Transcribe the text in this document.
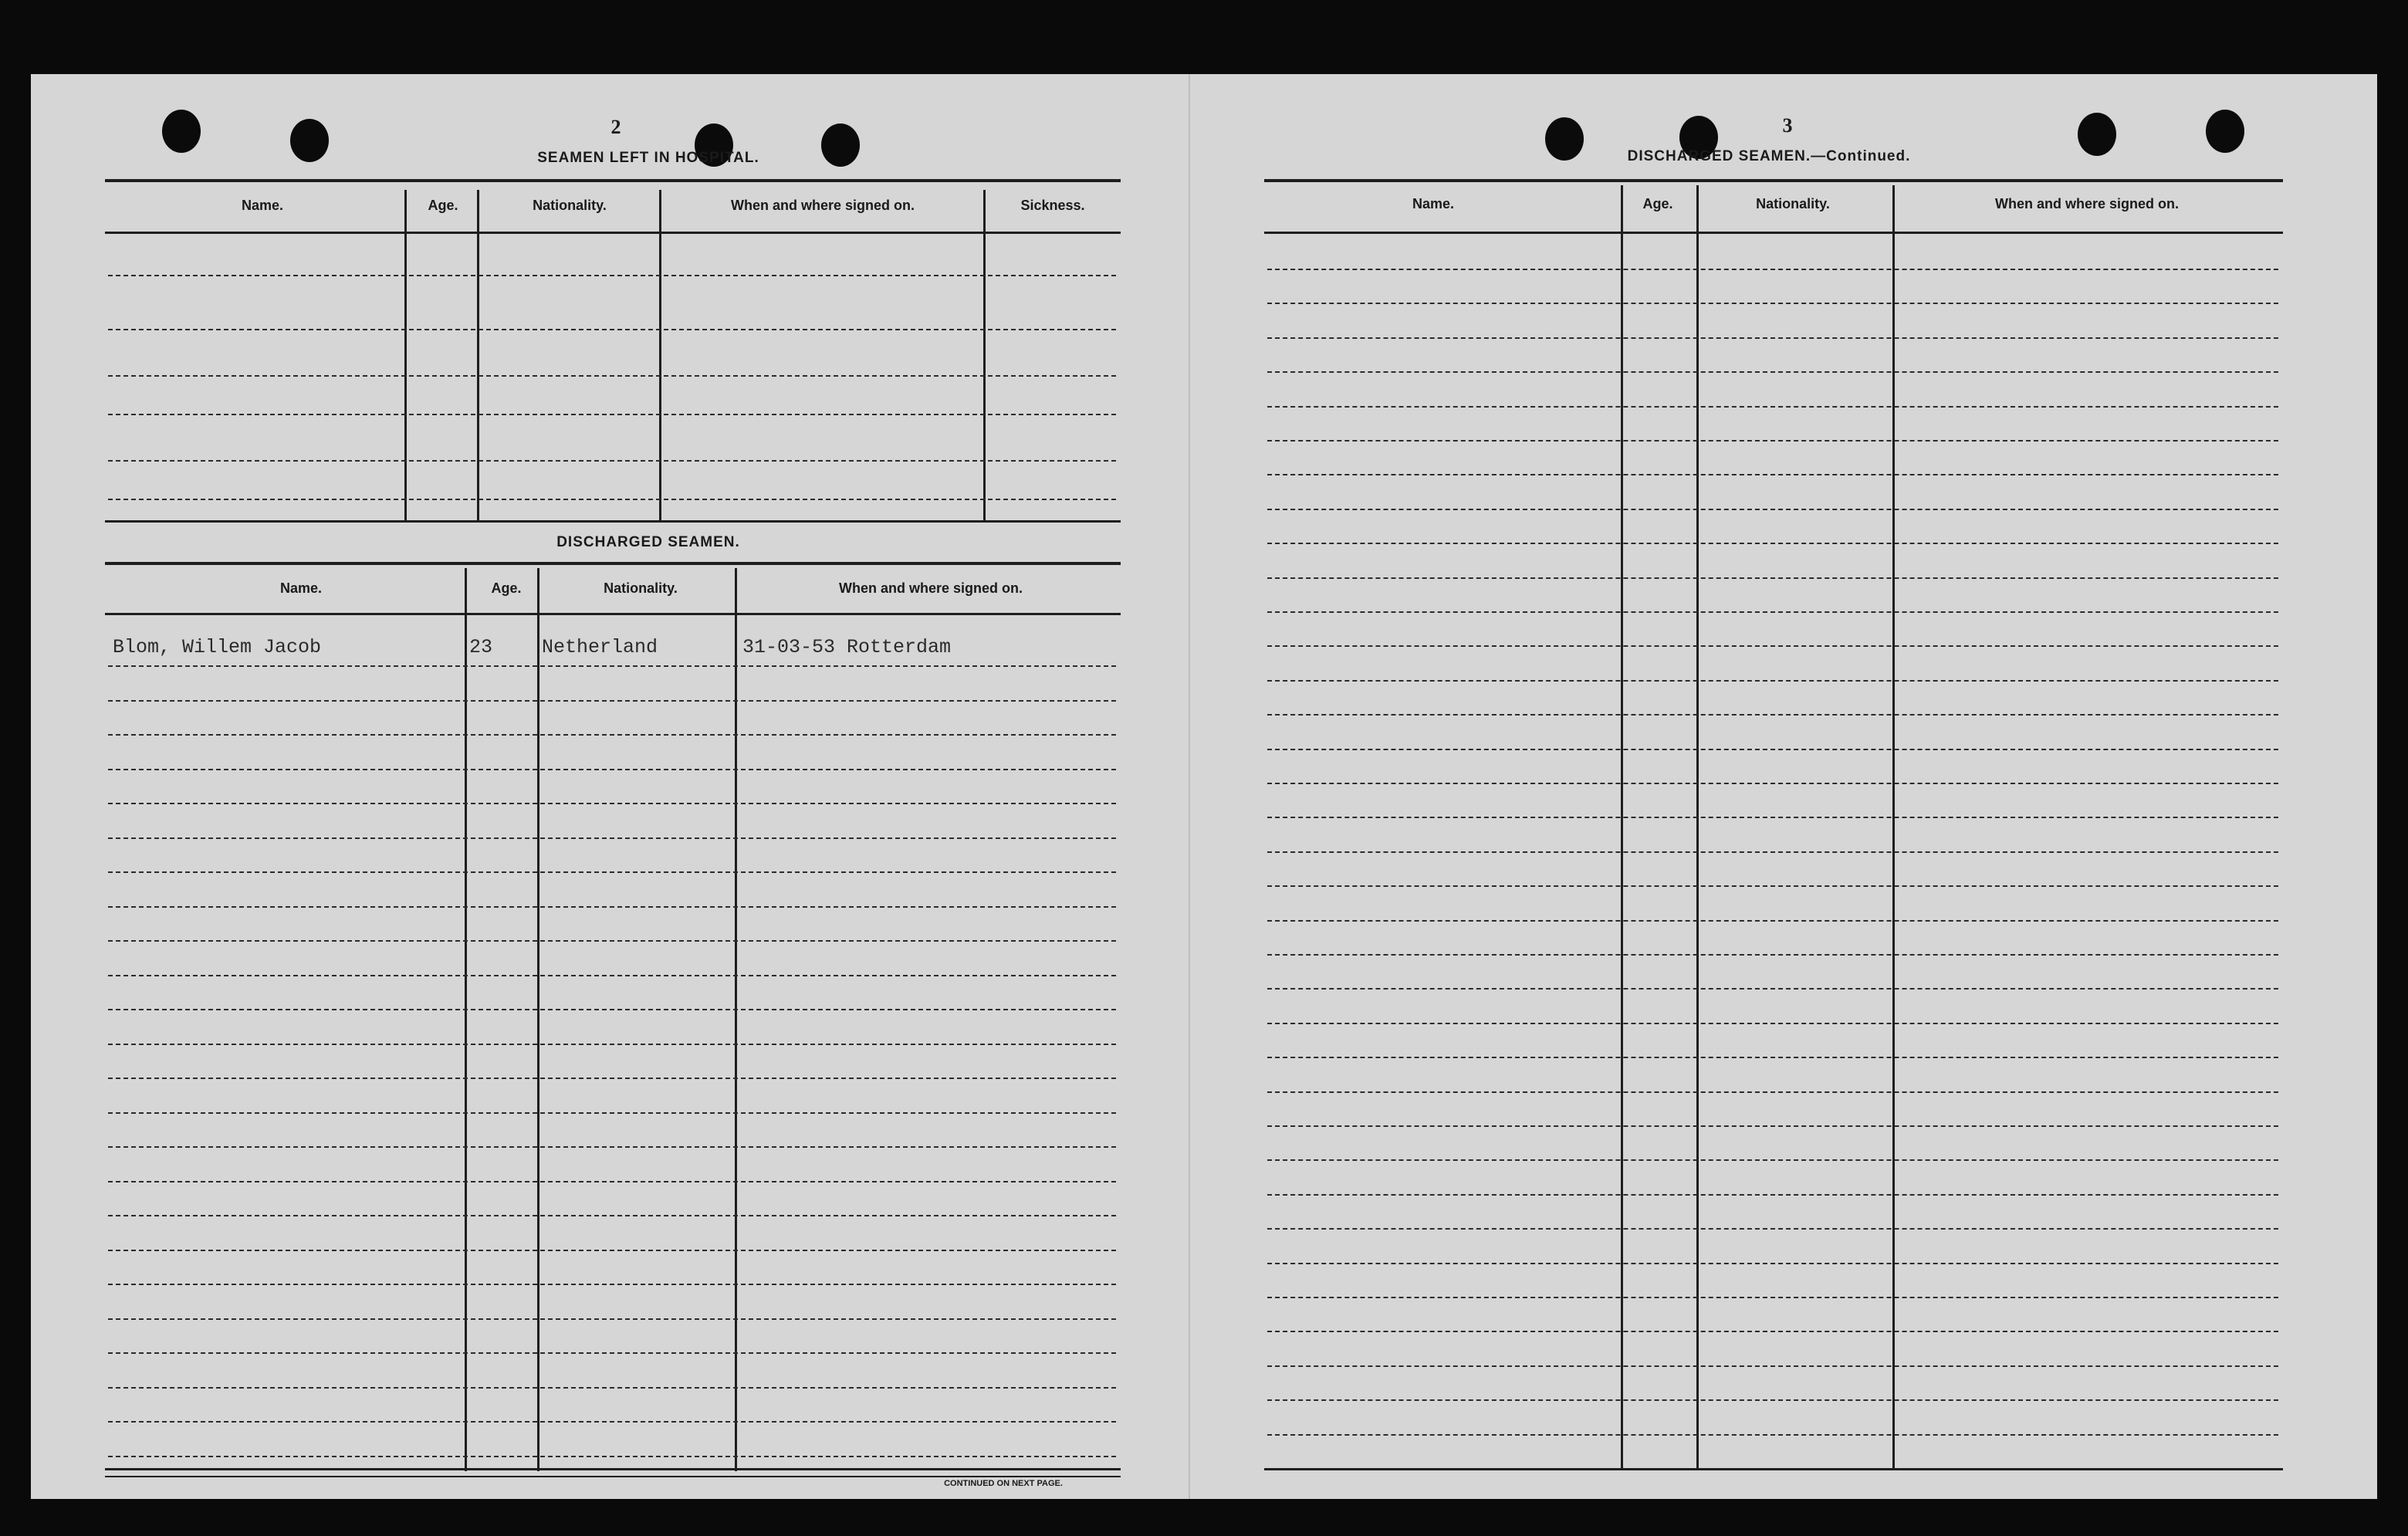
2
SEAMEN LEFT IN HOSPITAL.
Name.	Age.	Nationality.	When and where signed on.	Sickness.
DISCHARGED SEAMEN.
Name.	Age.	Nationality.	When and where signed on.
Blom, Willem Jacob	23	Netherland	31-03-53 Rotterdam
CONTINUED ON NEXT PAGE.
3
DISCHARGED SEAMEN.—Continued.
Name.	Age.	Nationality.	When and where signed on.
